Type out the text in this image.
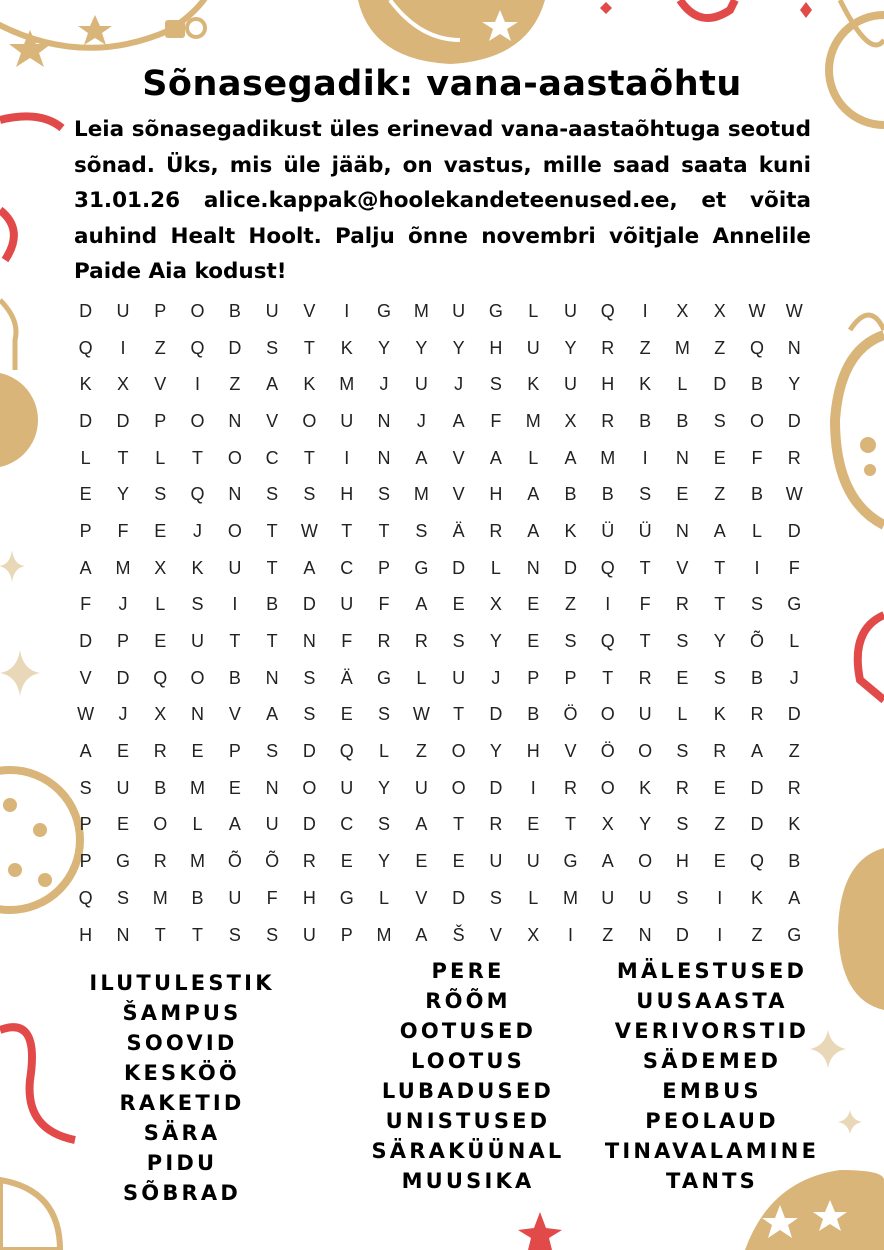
Sõnasegadik: vana-aastaõhtu

Leia sõnasegadikust üles erinevad vana-aastaõhtuga seotud sõnad. Üks, mis üle jääb, on vastus, mille saad saata kuni 31.01.26 alice.kappak@hoolekandeteenused.ee, et võita auhind Healt Hoolt. Palju õnne novembri võitjale Annelile Paide Aia kodust!

D	U	P	O	B	U	V	I	G	M	U	G	L	U	Q	I	X	X	W	W
Q	I	Z	Q	D	S	T	K	Y	Y	Y	H	U	Y	R	Z	M	Z	Q	N
K	X	V	I	Z	A	K	M	J	U	J	S	K	U	H	K	L	D	B	Y
D	D	P	O	N	V	O	U	N	J	A	F	M	X	R	B	B	S	O	D
L	T	L	T	O	C	T	I	N	A	V	A	L	A	M	I	N	E	F	R
E	Y	S	Q	N	S	S	H	S	M	V	H	A	B	B	S	E	Z	B	W
P	F	E	J	O	T	W	T	T	S	Ä	R	A	K	Ü	Ü	N	A	L	D
A	M	X	K	U	T	A	C	P	G	D	L	N	D	Q	T	V	T	I	F
F	J	L	S	I	B	D	U	F	A	E	X	E	Z	I	F	R	T	S	G
D	P	E	U	T	T	N	F	R	R	S	Y	E	S	Q	T	S	Y	Õ	L
V	D	Q	O	B	N	S	Ä	G	L	U	J	P	P	T	R	E	S	B	J
W	J	X	N	V	A	S	E	S	W	T	D	B	Ö	O	U	L	K	R	D
A	E	R	E	P	S	D	Q	L	Z	O	Y	H	V	Ö	O	S	R	A	Z
S	U	B	M	E	N	O	U	Y	U	O	D	I	R	O	K	R	E	D	R
P	E	O	L	A	U	D	C	S	A	T	R	E	T	X	Y	S	Z	D	K
P	G	R	M	Õ	Õ	R	E	Y	E	E	U	U	G	A	O	H	E	Q	B
Q	S	M	B	U	F	H	G	L	V	D	S	L	M	U	U	S	I	K	A
H	N	T	T	S	S	U	P	M	A	Š	V	X	I	Z	N	D	I	Z	G
ILUTULESTIK
ŠAMPUS
SOOVID
KESKÖÖ
RAKETID
SÄRA
PIDU
SÕBRAD
PERE
RÕÕM
OOTUSED
LOOTUS
LUBADUSED
UNISTUSED
SÄRAKÜÜNAL
MUUSIKA
MÄLESTUSED
UUSAASTA
VERIVORSTID
SÄDEMED
EMBUS
PEOLAUD
TINAVALAMINE
TANTS
